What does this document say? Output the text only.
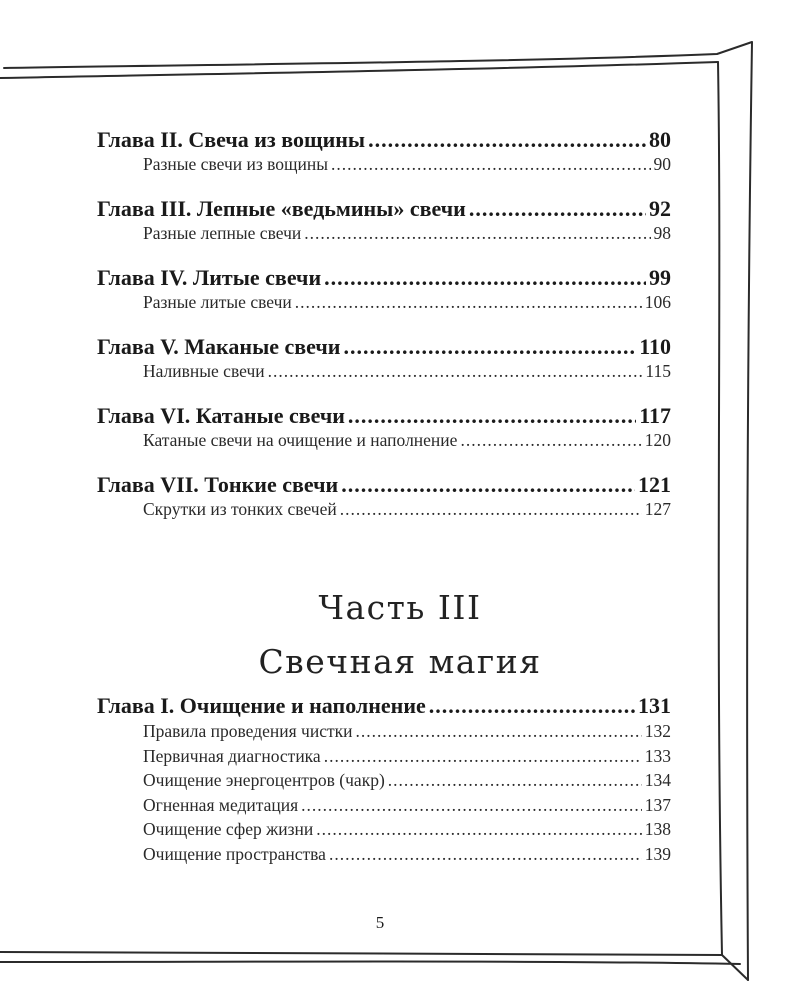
Глава II. Свеча из вощины .....	80
Разные свечи из вощины .....	90
Глава III. Лепные «ведьмины» свечи .....	92
Разные лепные свечи .....	98
Глава IV. Литые свечи .....	99
Разные литые свечи .....	106
Глава V. Маканые свечи .....	110
Наливные свечи .....	115
Глава VI. Катаные свечи .....	117
Катаные свечи на очищение и наполнение .....	120
Глава VII. Тонкие свечи .....	121
Скрутки из тонких свечей .....	127
Часть III
Свечная магия
Глава I. Очищение и наполнение .....	131
Правила проведения чистки .....	132
Первичная диагностика .....	133
Очищение энергоцентров (чакр) .....	134
Огненная медитация .....	137
Очищение сфер жизни .....	138
Очищение пространства .....	139
5
